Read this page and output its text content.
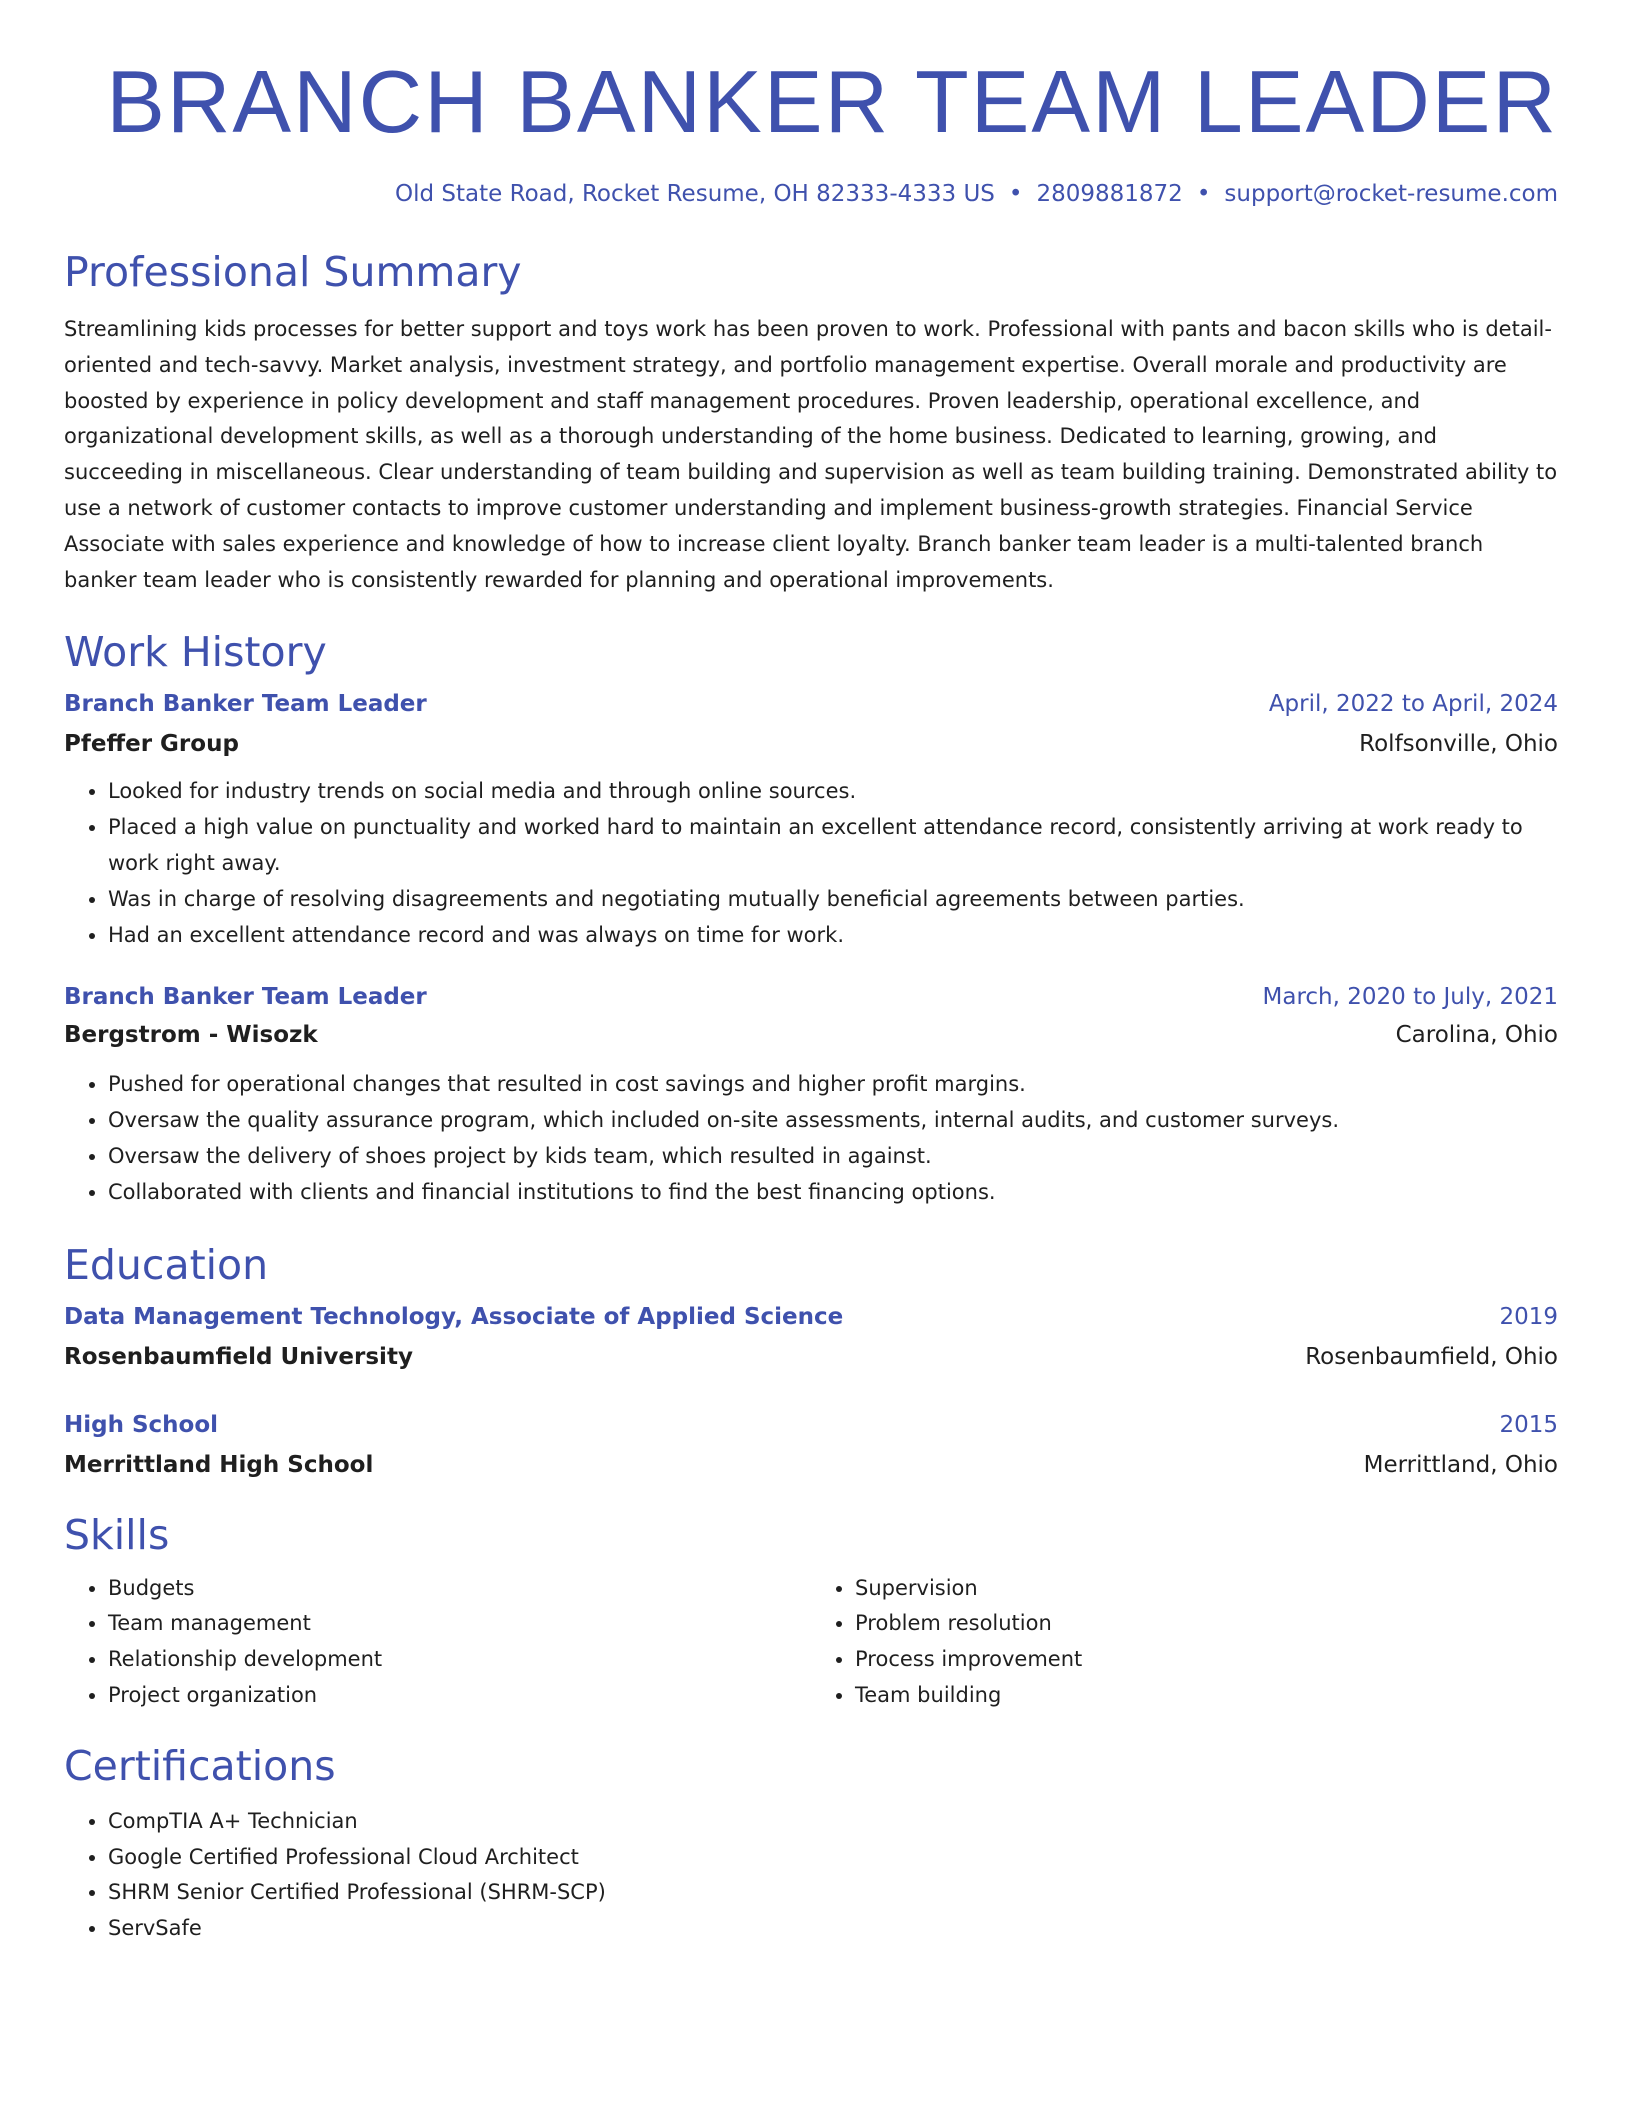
BRANCH BANKER TEAM LEADER
Old State Road, Rocket Resume, OH 82333-4333 US • 2809881872 • support@rocket-resume.com
Professional Summary

Streamlining kids processes for better support and toys work has been proven to work. Professional with pants and bacon skills who is detail-oriented and tech-savvy. Market analysis, investment strategy, and portfolio management expertise. Overall morale and productivity are boosted by experience in policy development and staff management procedures. Proven leadership, operational excellence, and organizational development skills, as well as a thorough understanding of the home business. Dedicated to learning, growing, and succeeding in miscellaneous. Clear understanding of team building and supervision as well as team building training. Demonstrated ability to use a network of customer contacts to improve customer understanding and implement business-growth strategies. Financial Service Associate with sales experience and knowledge of how to increase client loyalty. Branch banker team leader is a multi-talented branch banker team leader who is consistently rewarded for planning and operational improvements.

Work History
Branch Banker Team Leader	April, 2022 to April, 2024
Pfeffer Group	Rolfsonville, Ohio
• Looked for industry trends on social media and through online sources.
• Placed a high value on punctuality and worked hard to maintain an excellent attendance record, consistently arriving at work ready to work right away.
• Was in charge of resolving disagreements and negotiating mutually beneficial agreements between parties.
• Had an excellent attendance record and was always on time for work.
Branch Banker Team Leader	March, 2020 to July, 2021
Bergstrom - Wisozk	Carolina, Ohio
• Pushed for operational changes that resulted in cost savings and higher profit margins.
• Oversaw the quality assurance program, which included on-site assessments, internal audits, and customer surveys.
• Oversaw the delivery of shoes project by kids team, which resulted in against.
• Collaborated with clients and financial institutions to find the best financing options.
Education
Data Management Technology, Associate of Applied Science	2019
Rosenbaumfield University	Rosenbaumfield, Ohio
High School	2015
Merrittland High School	Merrittland, Ohio
Skills
• Budgets
• Team management
• Relationship development
• Project organization
• Supervision
• Problem resolution
• Process improvement
• Team building
Certifications
• CompTIA A+ Technician
• Google Certified Professional Cloud Architect
• SHRM Senior Certified Professional (SHRM-SCP)
• ServSafe
